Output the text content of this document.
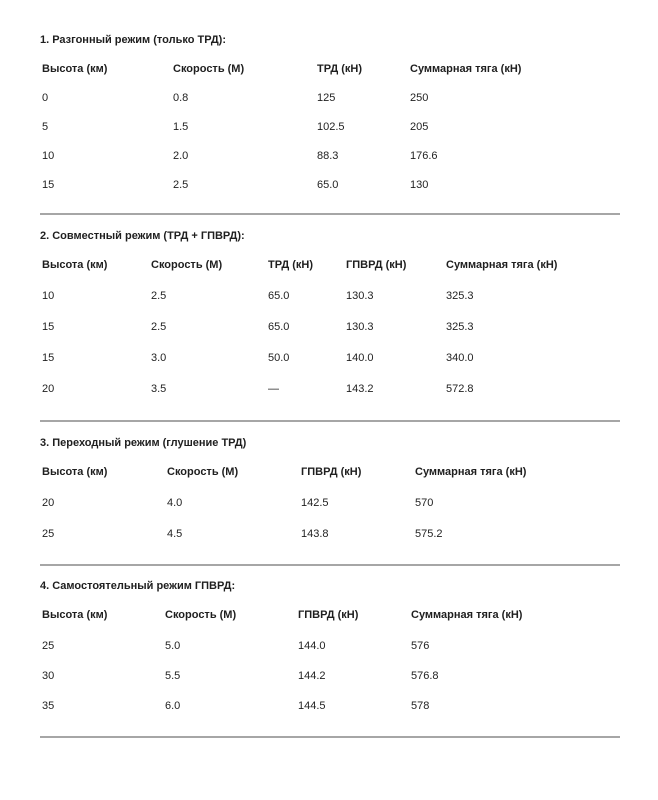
1. Разгонный режим (только ТРД):
Высота (км)	Скорость (М)	ТРД (кН)	Суммарная тяга (кН)
0	0.8	125	250
5	1.5	102.5	205
10	2.0	88.3	176.6
15	2.5	65.0	130
2. Совместный режим (ТРД + ГПВРД):
Высота (км)	Скорость (М)	ТРД (кН)	ГПВРД (кН)	Суммарная тяга (кН)
10	2.5	65.0	130.3	325.3
15	2.5	65.0	130.3	325.3
15	3.0	50.0	140.0	340.0
20	3.5	—	143.2	572.8
3. Переходный режим (глушение ТРД)
Высота (км)	Скорость (М)	ГПВРД (кН)	Суммарная тяга (кН)
20	4.0	142.5	570
25	4.5	143.8	575.2
4. Самостоятельный режим ГПВРД:
Высота (км)	Скорость (М)	ГПВРД (кН)	Суммарная тяга (кН)
25	5.0	144.0	576
30	5.5	144.2	576.8
35	6.0	144.5	578
